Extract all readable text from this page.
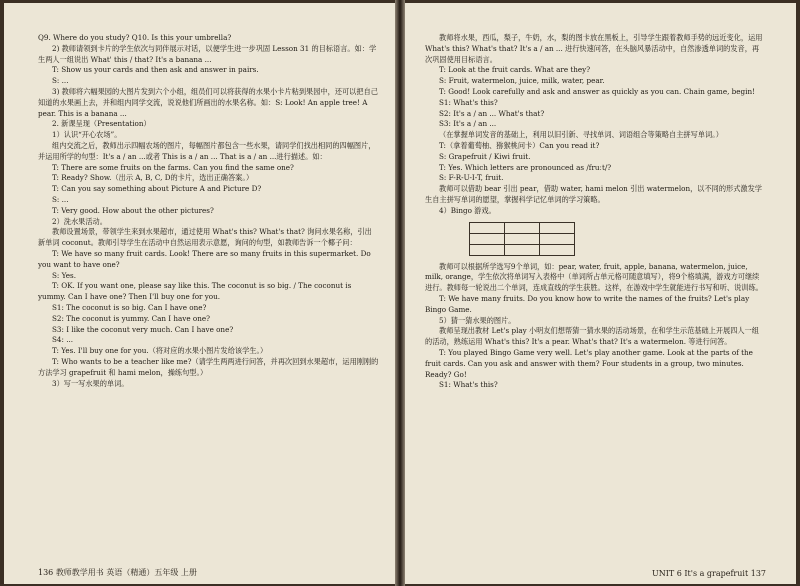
Q9. Where do you study? Q10. Is this your umbrella?

2) 教师请领到卡片的学生依次与同伴展示对话，以便学生进一步巩固 Lesson 31 的目标语言。如：学生两人一组说出 What' this / that? It's a banana ...

T: Show us your cards and then ask and answer in pairs.

S: ...

3) 教师将六幅果园的大图片发到六个小组，组员们可以将获得的水果小卡片粘到果园中，还可以把自己知道的水果画上去，并和组内同学交流，说说他们所画出的水果名称。如：S: Look! An apple tree! A pear. This is a banana ...

2. 新课呈现（Presentation）

1）认识“开心农场”。

组内交流之后，教师出示四幅农场的图片，每幅图片都包含一些水果，请同学们找出相同的四幅图片，并运用所学的句型：It's a / an ...或者 This is a / an ... That is a / an ...进行描述。如：

T: There are some fruits on the farms. Can you find the same one?

T: Ready? Show.（出示 A, B, C, D的卡片，选出正确答案。）

T: Can you say something about Picture A and Picture D?

S: ...

T: Very good. How about the other pictures?

2）洗水果活动。

教师设置场景，带领学生来到水果超市，通过使用 What's this? What's that? 询问水果名称，引出新单词 coconut。教师引导学生在活动中自然运用表示意愿，询问的句型，如教师告诉一个椰子问：

T: We have so many fruit cards. Look! There are so many fruits in this supermarket. Do you want to have one?

S: Yes.

T: OK. If you want one, please say like this. The coconut is so big. / The coconut is yummy. Can I have one? Then I'll buy one for you.

S1: The coconut is so big. Can I have one?

S2: The coconut is yummy. Can I have one?

S3: I like the coconut very much. Can I have one?

S4: ...

T: Yes. I'll buy one for you.（将对应的水果小图片发给该学生。）

T: Who wants to be a teacher like me?（请学生两两进行问答，并再次回到水果超市，运用刚刚的方法学习 grapefruit 和 hami melon，操练句型。）

3）写一写水果的单词。

136 教师教学用书 英语（精通）五年级 上册

教师将水果，西瓜，梨子，牛奶，水，梨的图卡放在黑板上，引导学生跟着教师手势的远近变化，运用 What's this? What's that? It's a / an ... 进行快速问答，在头脑风暴活动中，自然渗透单词的发音，再次巩固使用目标语言。

T: Look at the fruit cards. What are they?

S: Fruit, watermelon, juice, milk, water, pear.

T: Good! Look carefully and ask and answer as quickly as you can. Chain game, begin!

S1: What's this?

S2: It's a / an ... What's that?

S3: It's a / an ...

（在掌握单词发音的基础上，利用以旧引新、寻找单词、词语组合等策略自主拼写单词。）

T:（拿着葡萄柚、猕猴桃问卡）Can you read it?

S: Grapefruit / Kiwi fruit.

T: Yes. Which letters are pronounced as /fruːt/?

S: F-R-U-I-T, fruit.

教师可以借助 bear 引出 pear，借助 water, hami melon 引出 watermelon，以不同的形式激发学生自主拼写单词的愿望，掌握科学记忆单词的学习策略。

4）Bingo 游戏。

教师可以根据所学选写9个单词，如：pear, water, fruit, apple, banana, watermelon, juice, milk, orange，学生依次将单词写入表格中（单词所占单元格可随意填写），将9个格填满，游戏方可继续进行。教师每一轮说出二个单词，连成直线的学生获胜。这样，在游戏中学生就能进行书写和听、说训练。

T: We have many fruits. Do you know how to write the names of the fruits? Let's play Bingo Game.

5）猜一猜水果的图片。

教师呈现出教材 Let's play 小明友们想帮猜一猜水果的活动场景，在和学生示范基础上开展四人一组的活动，熟练运用 What's this? It's a pear. What's that? It's a watermelon. 等进行问答。

T: You played Bingo Game very well. Let's play another game. Look at the parts of the fruit cards. Can you ask and answer with them? Four students in a group, two minutes. Ready? Go!

S1: What's this?

UNIT 6 It's a grapefruit 137
